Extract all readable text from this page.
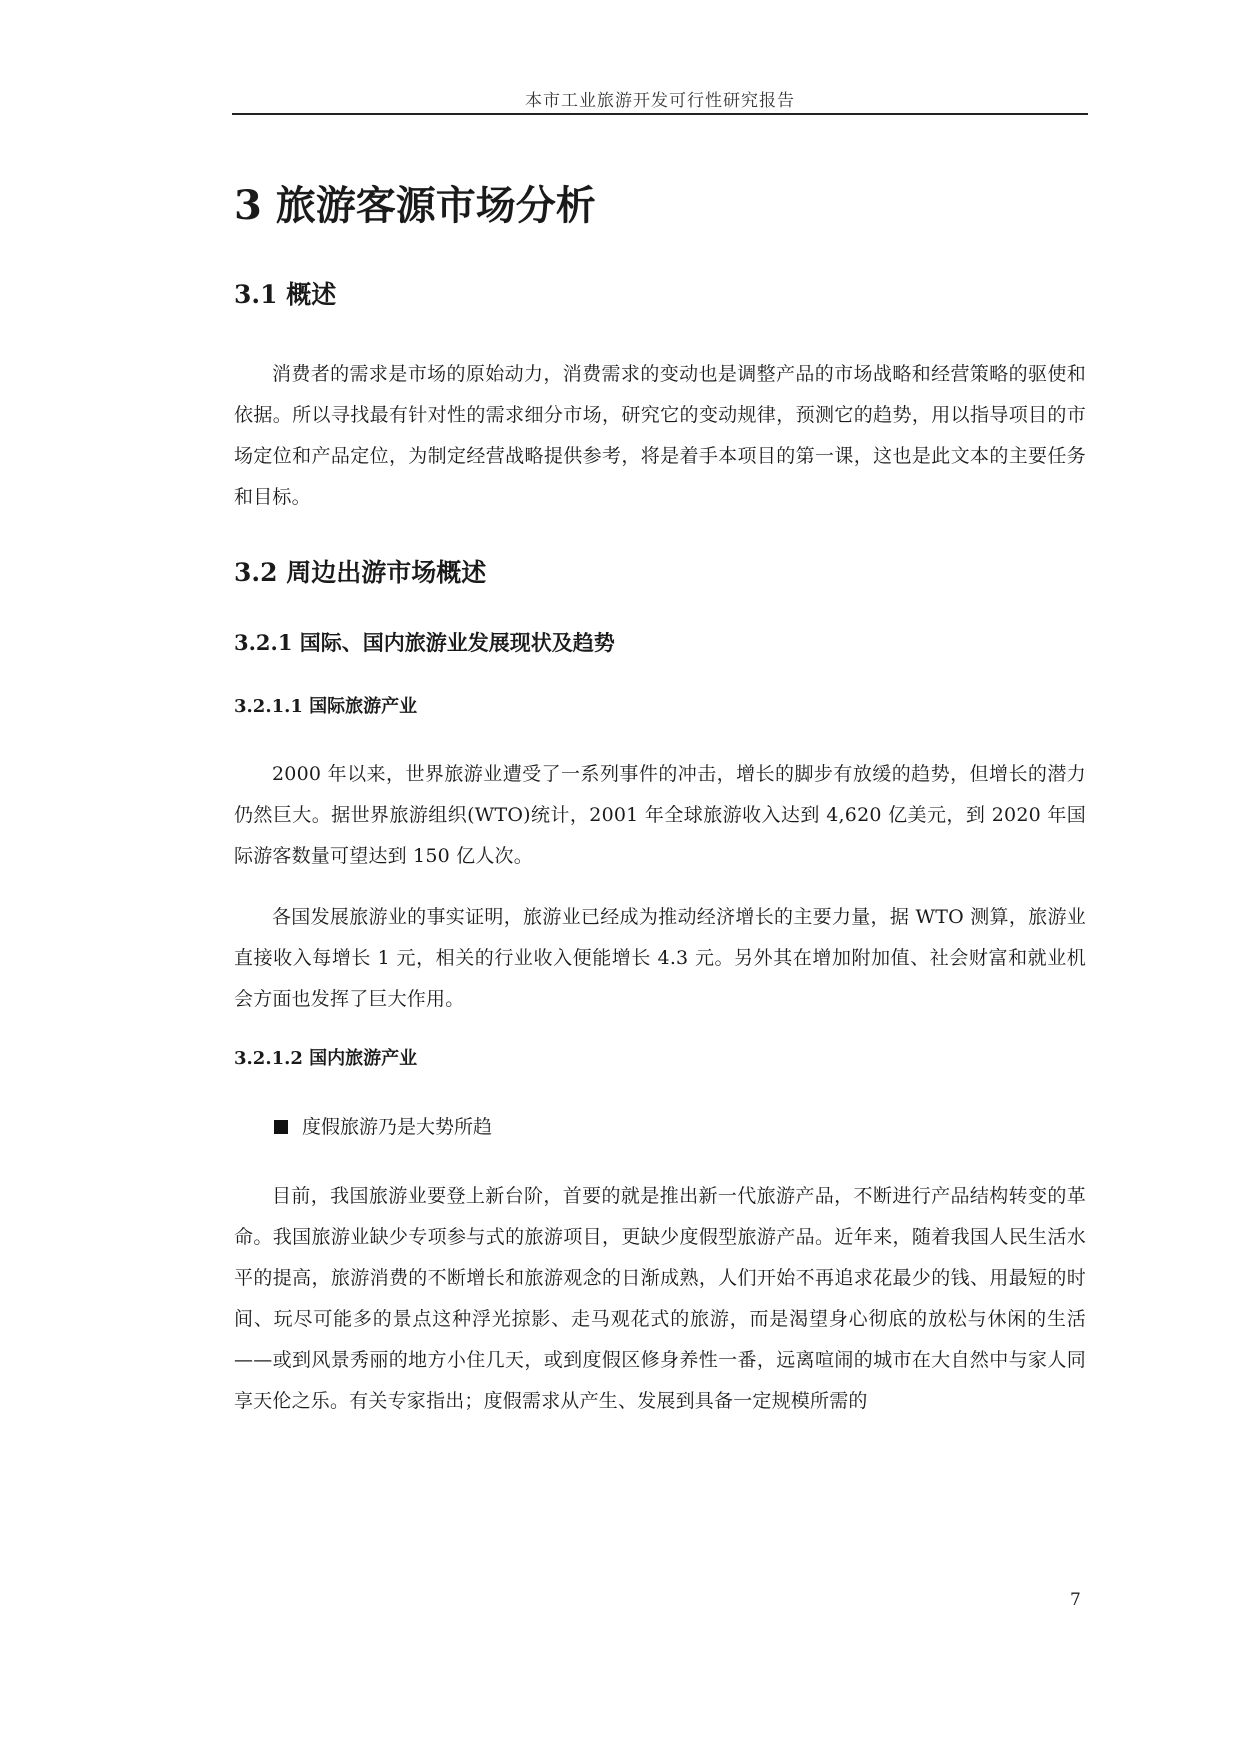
本市工业旅游开发可行性研究报告
3 旅游客源市场分析
3.1 概述

消费者的需求是市场的原始动力，消费需求的变动也是调整产品的市场战略和经营策略的驱使和依据。所以寻找最有针对性的需求细分市场，研究它的变动规律，预测它的趋势，用以指导项目的市场定位和产品定位，为制定经营战略提供参考，将是着手本项目的第一课，这也是此文本的主要任务和目标。

3.2 周边出游市场概述
3.2.1 国际、国内旅游业发展现状及趋势
3.2.1.1 国际旅游产业

2000 年以来，世界旅游业遭受了一系列事件的冲击，增长的脚步有放缓的趋势，但增长的潜力仍然巨大。据世界旅游组织(WTO)统计，2001 年全球旅游收入达到 4,620 亿美元，到 2020 年国际游客数量可望达到 150 亿人次。

各国发展旅游业的事实证明，旅游业已经成为推动经济增长的主要力量，据 WTO 测算，旅游业直接收入每增长 1 元，相关的行业收入便能增长 4.3 元。另外其在增加附加值、社会财富和就业机会方面也发挥了巨大作用。

3.2.1.2 国内旅游产业
度假旅游乃是大势所趋

目前，我国旅游业要登上新台阶，首要的就是推出新一代旅游产品，不断进行产品结构转变的革命。我国旅游业缺少专项参与式的旅游项目，更缺少度假型旅游产品。近年来，随着我国人民生活水平的提高，旅游消费的不断增长和旅游观念的日渐成熟，人们开始不再追求花最少的钱、用最短的时间、玩尽可能多的景点这种浮光掠影、走马观花式的旅游，而是渴望身心彻底的放松与休闲的生活——或到风景秀丽的地方小住几天，或到度假区修身养性一番，远离喧闹的城市在大自然中与家人同享天伦之乐。有关专家指出；度假需求从产生、发展到具备一定规模所需的

7
